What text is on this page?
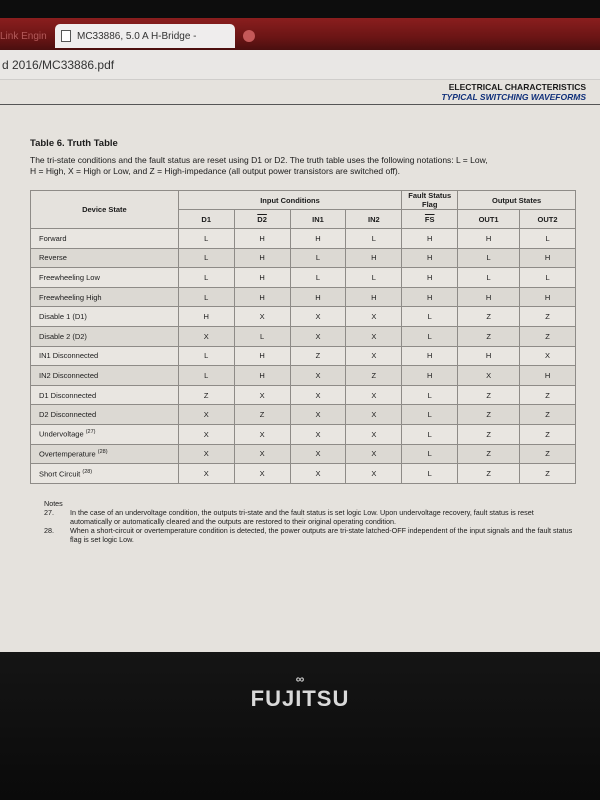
Link Engin	MC33886, 5.0 A H-Bridge -
d 2016/MC33886.pdf
ELECTRICAL CHARACTERISTICS
TYPICAL SWITCHING WAVEFORMS
Table 6. Truth Table
The tri-state conditions and the fault status are reset using D1 or D2. The truth table uses the following notations: L = Low,
H = High, X = High or Low, and Z = High-impedance (all output power transistors are switched off).
Device State	Input Conditions				Fault Status Flag	Output States	
	D1	D2	IN1	IN2	$\overline{FS}$	OUT1	OUT2
Forward	L	H	H	L	H	H	L
Reverse	L	H	L	H	H	L	H
Freewheeling Low	L	H	L	L	H	L	L
Freewheeling High	L	H	H	H	H	H	H
Disable 1 (D1)	H	X	X	X	L	Z	Z
Disable 2 (D2)	X	L	X	X	L	Z	Z
IN1 Disconnected	L	H	Z	X	H	H	X
IN2 Disconnected	L	H	X	Z	H	X	H
D1 Disconnected	Z	X	X	X	L	Z	Z
D2 Disconnected	X	Z	X	X	L	Z	Z
Undervoltage $^{(27)}$	X	X	X	X	L	Z	Z
Overtemperature $^{(28)}$	X	X	X	X	L	Z	Z
Short Circuit $^{(28)}$	X	X	X	X	L	Z	Z
Notes
27.	In the case of an undervoltage condition, the outputs tri-state and the fault status is set logic Low. Upon undervoltage recovery, fault status is reset automatically or automatically cleared and the outputs are restored to their original operating condition.
28.	When a short-circuit or overtemperature condition is detected, the power outputs are tri-state latched-OFF independent of the input signals and the fault status flag is set logic Low.
∞
FUJITSU
